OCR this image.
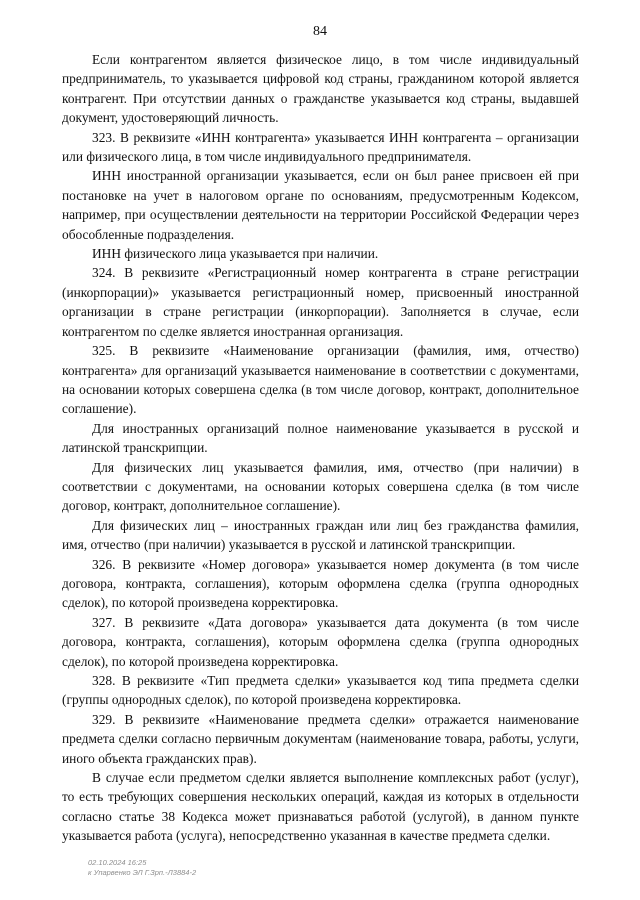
84

Если контрагентом является физическое лицо, в том числе индивидуальный предприниматель, то указывается цифровой код страны, гражданином которой является контрагент. При отсутствии данных о гражданстве указывается код страны, выдавшей документ, удостоверяющий личность.

323. В реквизите «ИНН контрагента» указывается ИНН контрагента – организации или физического лица, в том числе индивидуального предпринимателя.

ИНН иностранной организации указывается, если он был ранее присвоен ей при постановке на учет в налоговом органе по основаниям, предусмотренным Кодексом, например, при осуществлении деятельности на территории Российской Федерации через обособленные подразделения.

ИНН физического лица указывается при наличии.

324. В реквизите «Регистрационный номер контрагента в стране регистрации (инкорпорации)» указывается регистрационный номер, присвоенный иностранной организации в стране регистрации (инкорпорации). Заполняется в случае, если контрагентом по сделке является иностранная организация.

325. В реквизите «Наименование организации (фамилия, имя, отчество) контрагента» для организаций указывается наименование в соответствии с документами, на основании которых совершена сделка (в том числе договор, контракт, дополнительное соглашение).

Для иностранных организаций полное наименование указывается в русской и латинской транскрипции.

Для физических лиц указывается фамилия, имя, отчество (при наличии) в соответствии с документами, на основании которых совершена сделка (в том числе договор, контракт, дополнительное соглашение).

Для физических лиц – иностранных граждан или лиц без гражданства фамилия, имя, отчество (при наличии) указывается в русской и латинской транскрипции.

326. В реквизите «Номер договора» указывается номер документа (в том числе договора, контракта, соглашения), которым оформлена сделка (группа однородных сделок), по которой произведена корректировка.

327. В реквизите «Дата договора» указывается дата документа (в том числе договора, контракта, соглашения), которым оформлена сделка (группа однородных сделок), по которой произведена корректировка.

328. В реквизите «Тип предмета сделки» указывается код типа предмета сделки (группы однородных сделок), по которой произведена корректировка.

329. В реквизите «Наименование предмета сделки» отражается наименование предмета сделки согласно первичным документам (наименование товара, работы, услуги, иного объекта гражданских прав).

В случае если предметом сделки является выполнение комплексных работ (услуг), то есть требующих совершения нескольких операций, каждая из которых в отдельности согласно статье 38 Кодекса может признаваться работой (услугой), в данном пункте указывается работа (услуга), непосредственно указанная в качестве предмета сделки.

02.10.2024 16:25
к Упарвенко ЭЛ Г.Зрп.-Л3884-2
